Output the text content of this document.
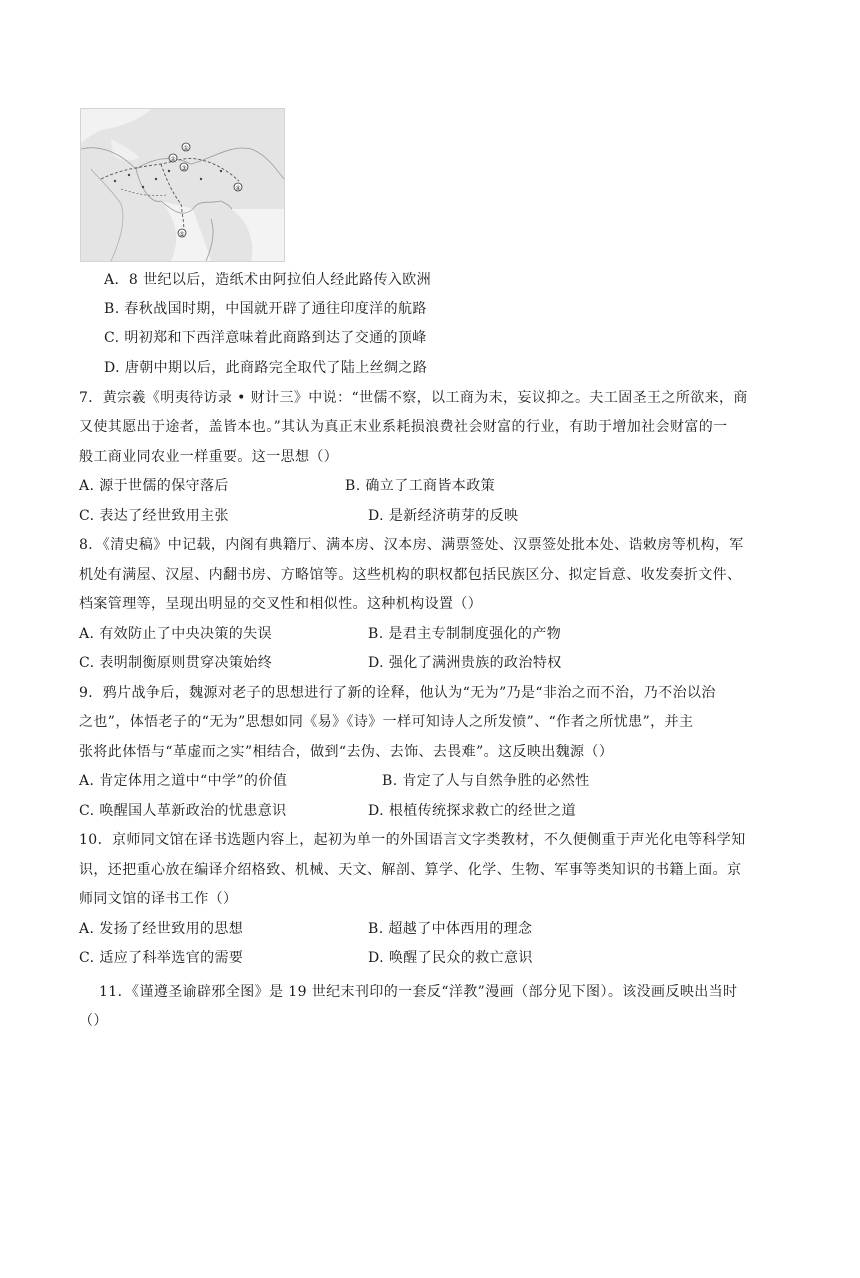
①
②
③
④
⑤
A．8 世纪以后，造纸术由阿拉伯人经此路传入欧洲
B. 春秋战国时期，中国就开辟了通往印度洋的航路
C. 明初郑和下西洋意味着此商路到达了交通的顶峰
D. 唐朝中期以后，此商路完全取代了陆上丝绸之路
7．黄宗羲《明夷待访录 • 财计三》中说：“世儒不察，以工商为末，妄议抑之。夫工固圣王之所欲来，商
又使其愿出于途者，盖皆本也。”其认为真正末业系耗损浪费社会财富的行业，有助于增加社会财富的一
般工商业同农业一样重要。这一思想（）
A. 源于世儒的保守落后	B. 确立了工商皆本政策
C. 表达了经世致用主张	D. 是新经济萌芽的反映
8．《清史稿》中记载，内阁有典籍厅、满本房、汉本房、满票签处、汉票签处批本处、诰敕房等机构，军
机处有满屋、汉屋、内翻书房、方略馆等。这些机构的职权都包括民族区分、拟定旨意、收发奏折文件、
档案管理等，呈现出明显的交叉性和相似性。这种机构设置（）
A. 有效防止了中央决策的失误	B. 是君主专制制度强化的产物
C. 表明制衡原则贯穿决策始终	D. 强化了满洲贵族的政治特权
9．鸦片战争后，魏源对老子的思想进行了新的诠释，他认为“无为”乃是“非治之而不治，乃不治以治
之也”，体悟老子的“无为”思想如同《易》《诗》一样可知诗人之所发愤”、“作者之所忧患”，并主
张将此体悟与“革虚而之实”相结合，做到“去伪、去饰、去畏难”。这反映出魏源（）
A. 肯定体用之道中“中学”的价值	B. 肯定了人与自然争胜的必然性
C. 唤醒国人革新政治的忧患意识	D. 根植传统探求救亡的经世之道
10．京师同文馆在译书选题内容上，起初为单一的外国语言文字类教材，不久便侧重于声光化电等科学知
识，还把重心放在编译介绍格致、机械、天文、解剖、算学、化学、生物、军事等类知识的书籍上面。京
师同文馆的译书工作（）
A. 发扬了经世致用的思想	B. 超越了中体西用的理念
C. 适应了科举选官的需要	D. 唤醒了民众的救亡意识
11．《谨遵圣谕辟邪全图》是 19 世纪末刊印的一套反“洋教”漫画（部分见下图）。该没画反映出当时
（）
